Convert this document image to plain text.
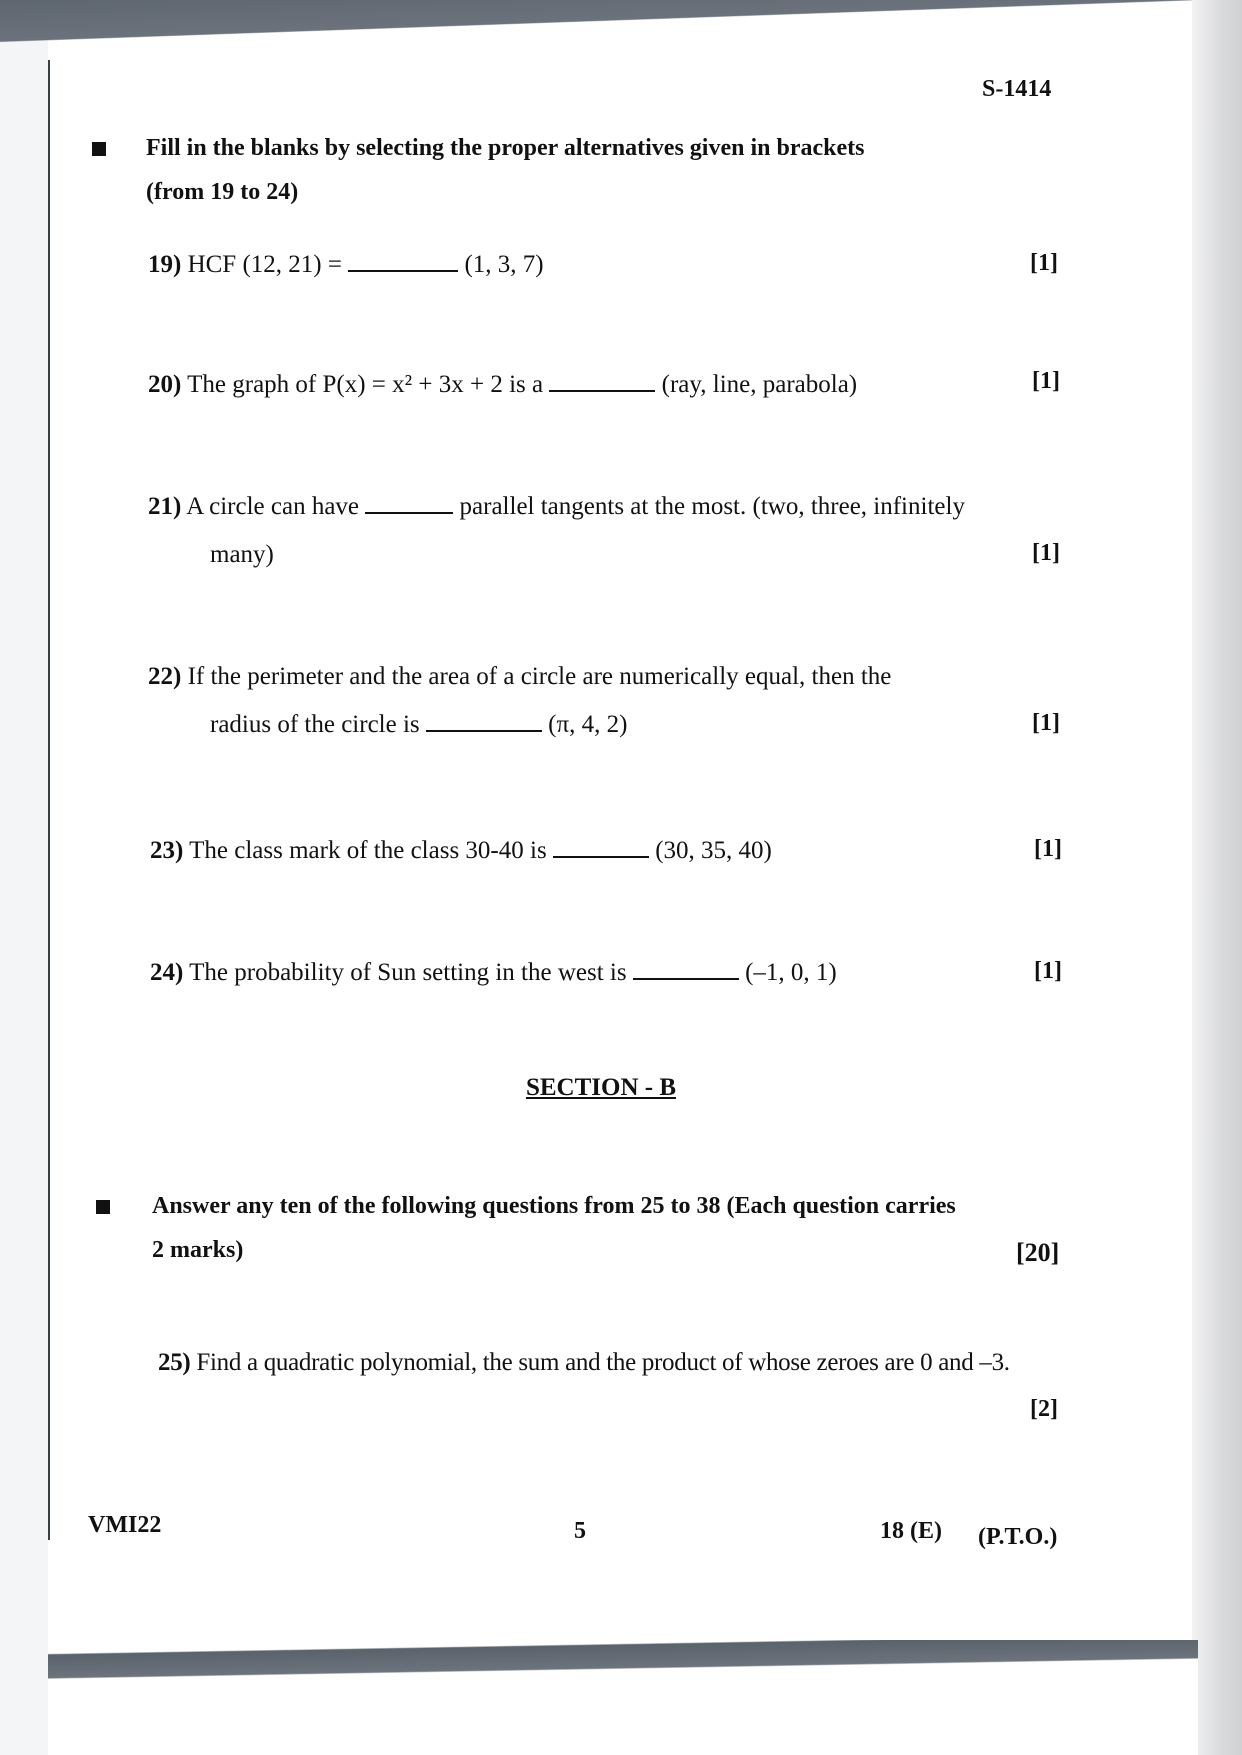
S-1414
Fill in the blanks by selecting the proper alternatives given in brackets
(from 19 to 24)
19) HCF (12, 21) =	(1, 3, 7)	[1]
20) The graph of P(x) = x² + 3x + 2 is a	(ray, line, parabola)	[1]
21) A circle can have	parallel tangents at the most. (two, three, infinitely
many)	[1]
22) If the perimeter and the area of a circle are numerically equal, then the
radius of the circle is	(π, 4, 2)	[1]
23) The class mark of the class 30-40 is	(30, 35, 40)	[1]
24) The probability of Sun setting in the west is	(–1, 0, 1)	[1]
SECTION - B
Answer any ten of the following questions from 25 to 38 (Each question carries
2 marks)	[20]
25) Find a quadratic polynomial, the sum and the product of whose zeroes are 0 and –3.
[2]
VMI22	5	18 (E) (P.T.O.)
